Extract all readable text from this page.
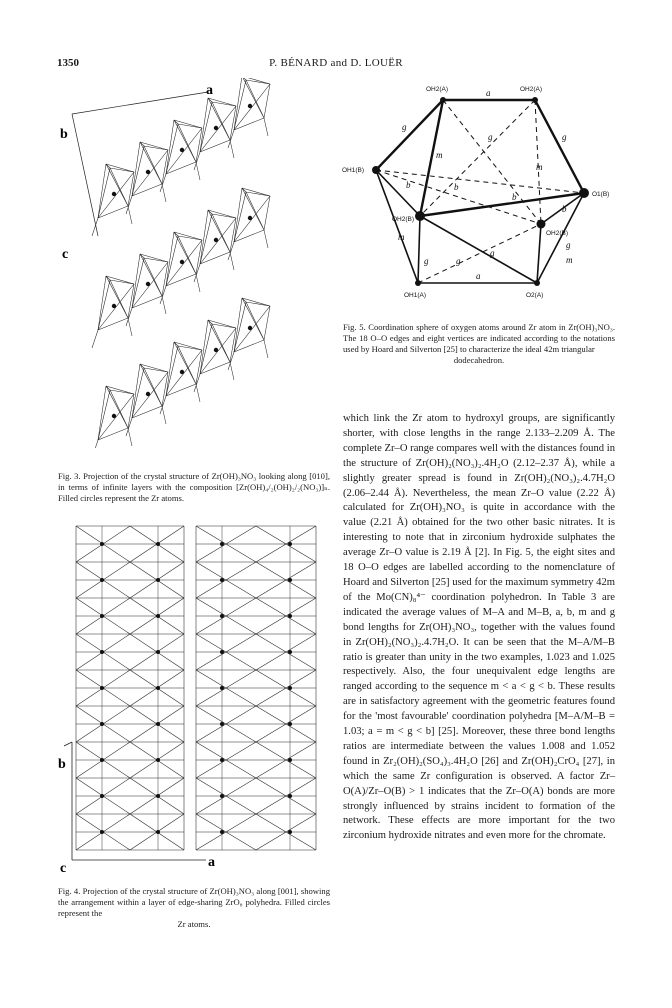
1350	P. BÉNARD and D. LOUËR
a
b
c
Fig. 3. Projection of the crystal structure of Zr(OH)₃NO₃ looking along [010], in terms of infinite layers with the composition [Zr(OH)₄/₂(OH)₂/₂(NO₃)]ₙ. Filled circles represent the Zr atoms.
b
c	a
Fig. 4. Projection of the crystal structure of Zr(OH)₃NO₃ along [001], showing the arrangement within a layer of edge-sharing ZrO₈ polyhedra. Filled circles represent the
Zr atoms.
OH2(A)	OH2(A)
OH1(B)
O1(B)
OH2(B)
OH2(B)
OH1(A)	O2(A)
a
a
g
g
g
g
g	g
g
m
m
m
m
b	b
b
b
Fig. 5. Coordination sphere of oxygen atoms around Zr atom in Zr(OH)₃NO₃. The 18 O–O edges and eight vertices are indicated according to the notations used by Hoard and Silverton [25] to characterize the ideal 42m triangular
dodecahedron.

which link the Zr atom to hydroxyl groups, are significantly shorter, with close lengths in the range 2.133–2.209 Å. The complete Zr–O range compares well with the distances found in the structure of Zr(OH)₂(NO₃)₂.4H₂O (2.12–2.37 Å), while a slightly greater spread is found in Zr(OH)₂(NO₃)₂.4.7H₂O (2.06–2.44 Å). Nevertheless, the mean Zr–O value (2.22 Å) calculated for Zr(OH)₃NO₃ is quite in accordance with the value (2.21 Å) obtained for the two other basic nitrates. It is interesting to note that in zirconium hydroxide sulphates the average Zr–O value is 2.19 Å [2]. In Fig. 5, the eight sites and 18 O–O edges are labelled according to the nomenclature of Hoard and Silverton [25] used for the maximum symmetry 42m of the Mo(CN)₈⁴⁻ coordination polyhedron. In Table 3 are indicated the average values of M–A and M–B, a, b, m and g bond lengths for Zr(OH)₃NO₃, together with the values found in Zr(OH)₂(NO₃)₂.4.7H₂O. It can be seen that the M–A/M–B ratio is greater than unity in the two examples, 1.023 and 1.025 respectively. Also, the four unequivalent edge lengths are ranged according to the sequence m < a < g < b. These results are in satisfactory agreement with the geometric features found for the 'most favourable' coordination polyhedra [M–A/M–B = 1.03; a = m < g < b] [25]. Moreover, these three bond lengths ratios are intermediate between the values 1.008 and 1.052 found in Zr₂(OH)₂(SO₄)₃.4H₂O [26] and Zr(OH)₂CrO₄ [27], in which the same Zr configuration is observed. A factor Zr–O(A)/Zr–O(B) > 1 indicates that the Zr–O(A) bonds are more strongly influenced by strains incident to formation of the network. These effects are more important for the two zirconium hydroxide nitrates and even more for the chromate.
